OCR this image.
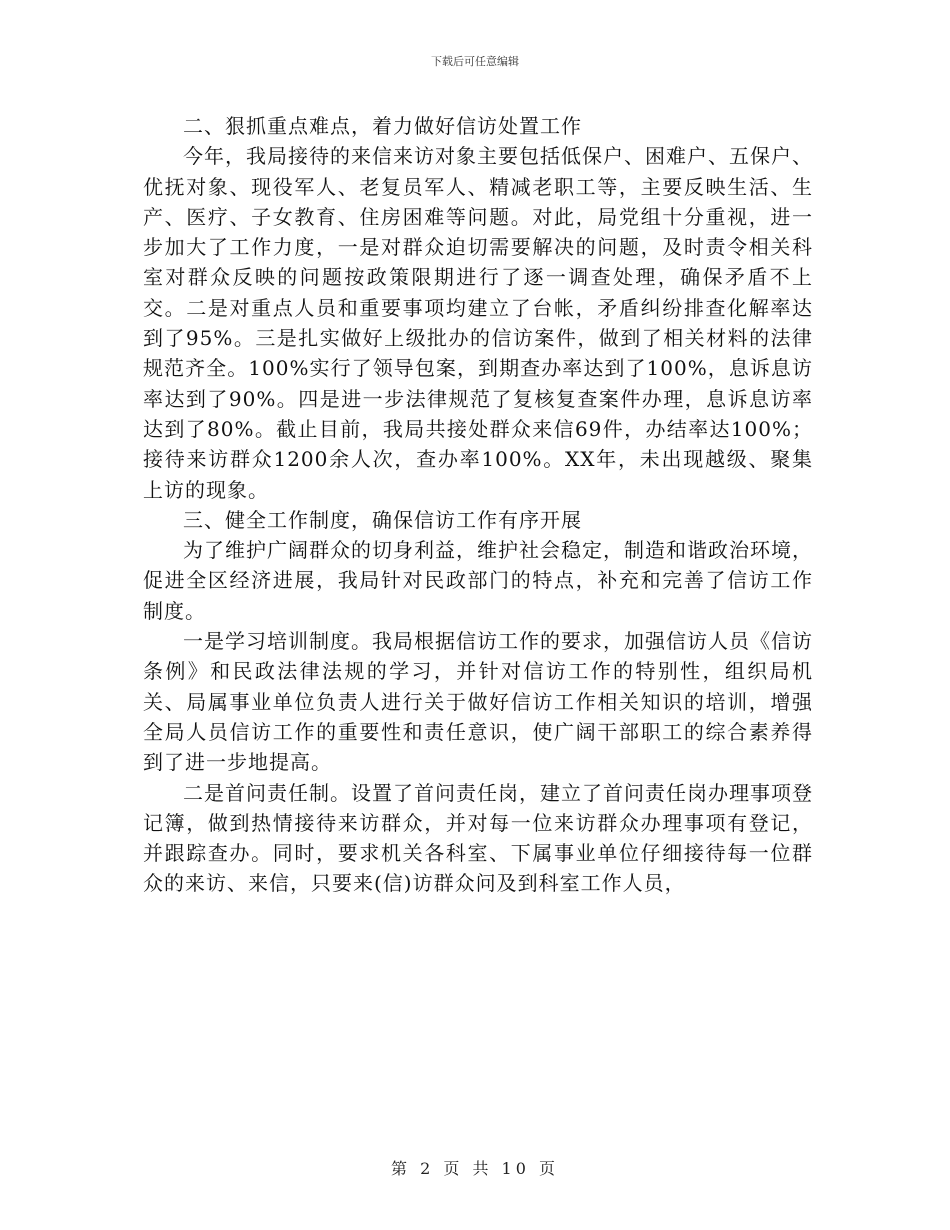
下载后可任意编辑

二、狠抓重点难点，着力做好信访处置工作

今年，我局接待的来信来访对象主要包括低保户、困难户、五保户、优抚对象、现役军人、老复员军人、精减老职工等，主要反映生活、生产、医疗、子女教育、住房困难等问题。对此，局党组十分重视，进一步加大了工作力度，一是对群众迫切需要解决的问题，及时责令相关科室对群众反映的问题按政策限期进行了逐一调查处理，确保矛盾不上交。二是对重点人员和重要事项均建立了台帐，矛盾纠纷排查化解率达到了95%。三是扎实做好上级批办的信访案件，做到了相关材料的法律规范齐全。100%实行了领导包案，到期查办率达到了100%，息诉息访率达到了90%。四是进一步法律规范了复核复查案件办理，息诉息访率达到了80%。截止目前，我局共接处群众来信69件，办结率达100%；接待来访群众1200余人次，查办率100%。XX年，未出现越级、聚集上访的现象。

三、健全工作制度，确保信访工作有序开展

为了维护广阔群众的切身利益，维护社会稳定，制造和谐政治环境，促进全区经济进展，我局针对民政部门的特点，补充和完善了信访工作制度。

一是学习培训制度。我局根据信访工作的要求，加强信访人员《信访条例》和民政法律法规的学习，并针对信访工作的特别性，组织局机关、局属事业单位负责人进行关于做好信访工作相关知识的培训，增强全局人员信访工作的重要性和责任意识，使广阔干部职工的综合素养得到了进一步地提高。

二是首问责任制。设置了首问责任岗，建立了首问责任岗办理事项登记簿，做到热情接待来访群众，并对每一位来访群众办理事项有登记，并跟踪查办。同时，要求机关各科室、下属事业单位仔细接待每一位群众的来访、来信，只要来(信)访群众问及到科室工作人员，

第 2 页 共 10 页
